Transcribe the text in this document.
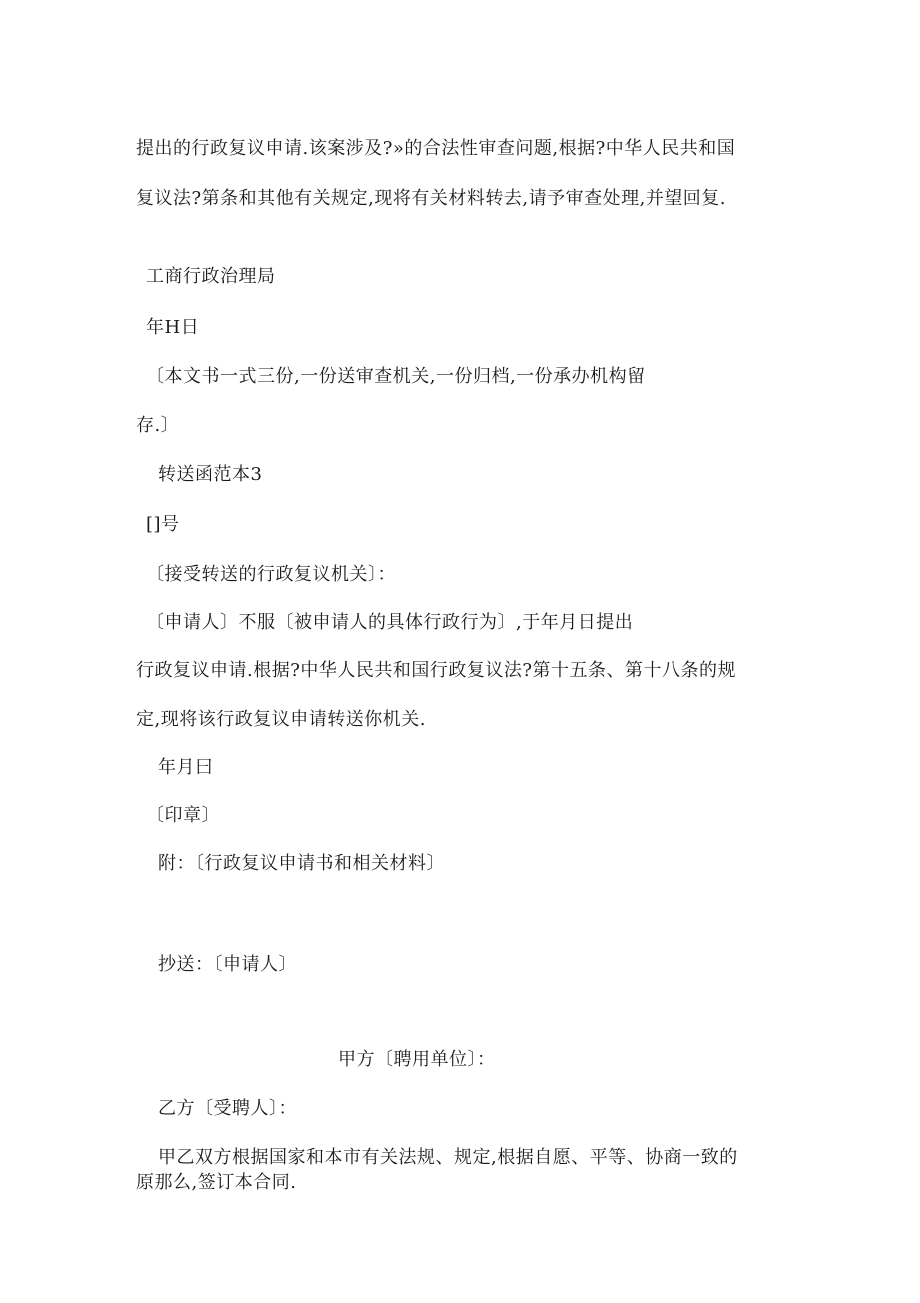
提出的行政复议申请.该案涉及?»的合法性审查问题,根据?中华人民共和国
复议法?第条和其他有关规定,现将有关材料转去,请予审查处理,并望回复.
工商行政治理局
年H日
〔本文书一式三份,一份送审查机关,一份归档,一份承办机构留
存.〕
转送函范本3
[]号
〔接受转送的行政复议机关〕：
〔申请人〕不服〔被申请人的具体行政行为〕,于年月日提出
行政复议申请.根据?中华人民共和国行政复议法?第十五条、第十八条的规
定,现将该行政复议申请转送你机关.
年月曰
〔印章〕
附：〔行政复议申请书和相关材料〕
抄送：〔申请人〕
甲方〔聘用单位〕：
乙方〔受聘人〕：
甲乙双方根据国家和本市有关法规、规定,根据自愿、平等、协商一致的
原那么,签订本合同.
